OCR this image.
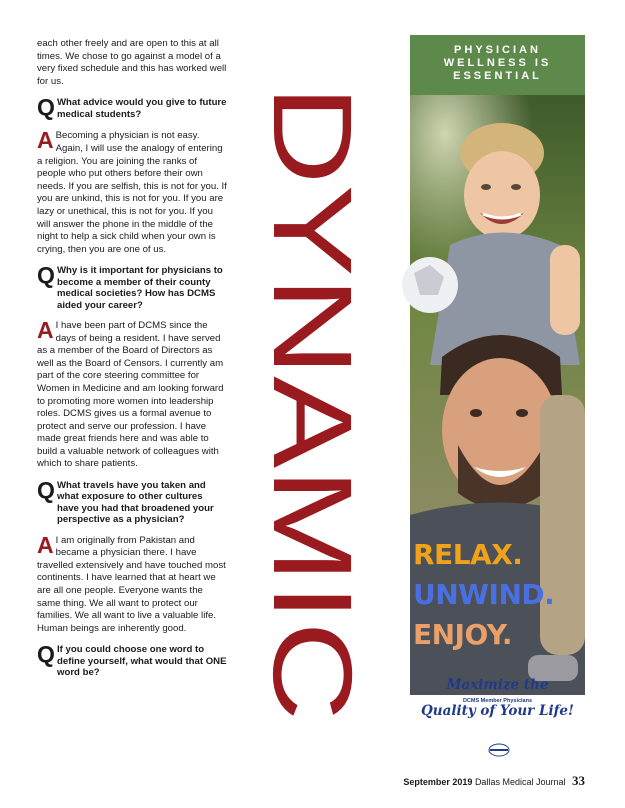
each other freely and are open to this at all times. We chose to go against a model of a very fixed schedule and this has worked well for us.

Q What advice would you give to future medical students?
A Becoming a physician is not easy. Again, I will use the analogy of entering a religion. You are joining the ranks of people who put others before their own needs. If you are selfish, this is not for you. If you are unkind, this is not for you. If you are lazy or unethical, this is not for you. If you will answer the phone in the middle of the night to help a sick child when your own is crying, then you are one of us.
Q Why is it important for physicians to become a member of their county medical societies? How has DCMS aided your career?
A I have been part of DCMS since the days of being a resident. I have served as a member of the Board of Directors as well as the Board of Censors. I currently am part of the core steering committee for Women in Medicine and am looking forward to promoting more women into leadership roles. DCMS gives us a formal avenue to protect and serve our profession. I have made great friends here and was able to build a valuable network of colleagues with which to share patients.
Q What travels have you taken and what exposure to other cultures have you had that broadened your perspective as a physician?
A I am originally from Pakistan and became a physician there. I have travelled extensively and have touched most continents. I have learned that at heart we are all one people. Everyone wants the same thing. We all want to protect our families. We all want to live a valuable life. Human beings are inherently good.
Q If you could choose one word to define yourself, what would that ONE word be?
DYNAMIC
PHYSICIAN
WELLNESS IS
ESSENTIAL
RELAX.
UNWIND.
ENJOY.
DCMS Member Physicians
Maximize the
Quality of Your Life!
September 2019 Dallas Medical Journal 33
